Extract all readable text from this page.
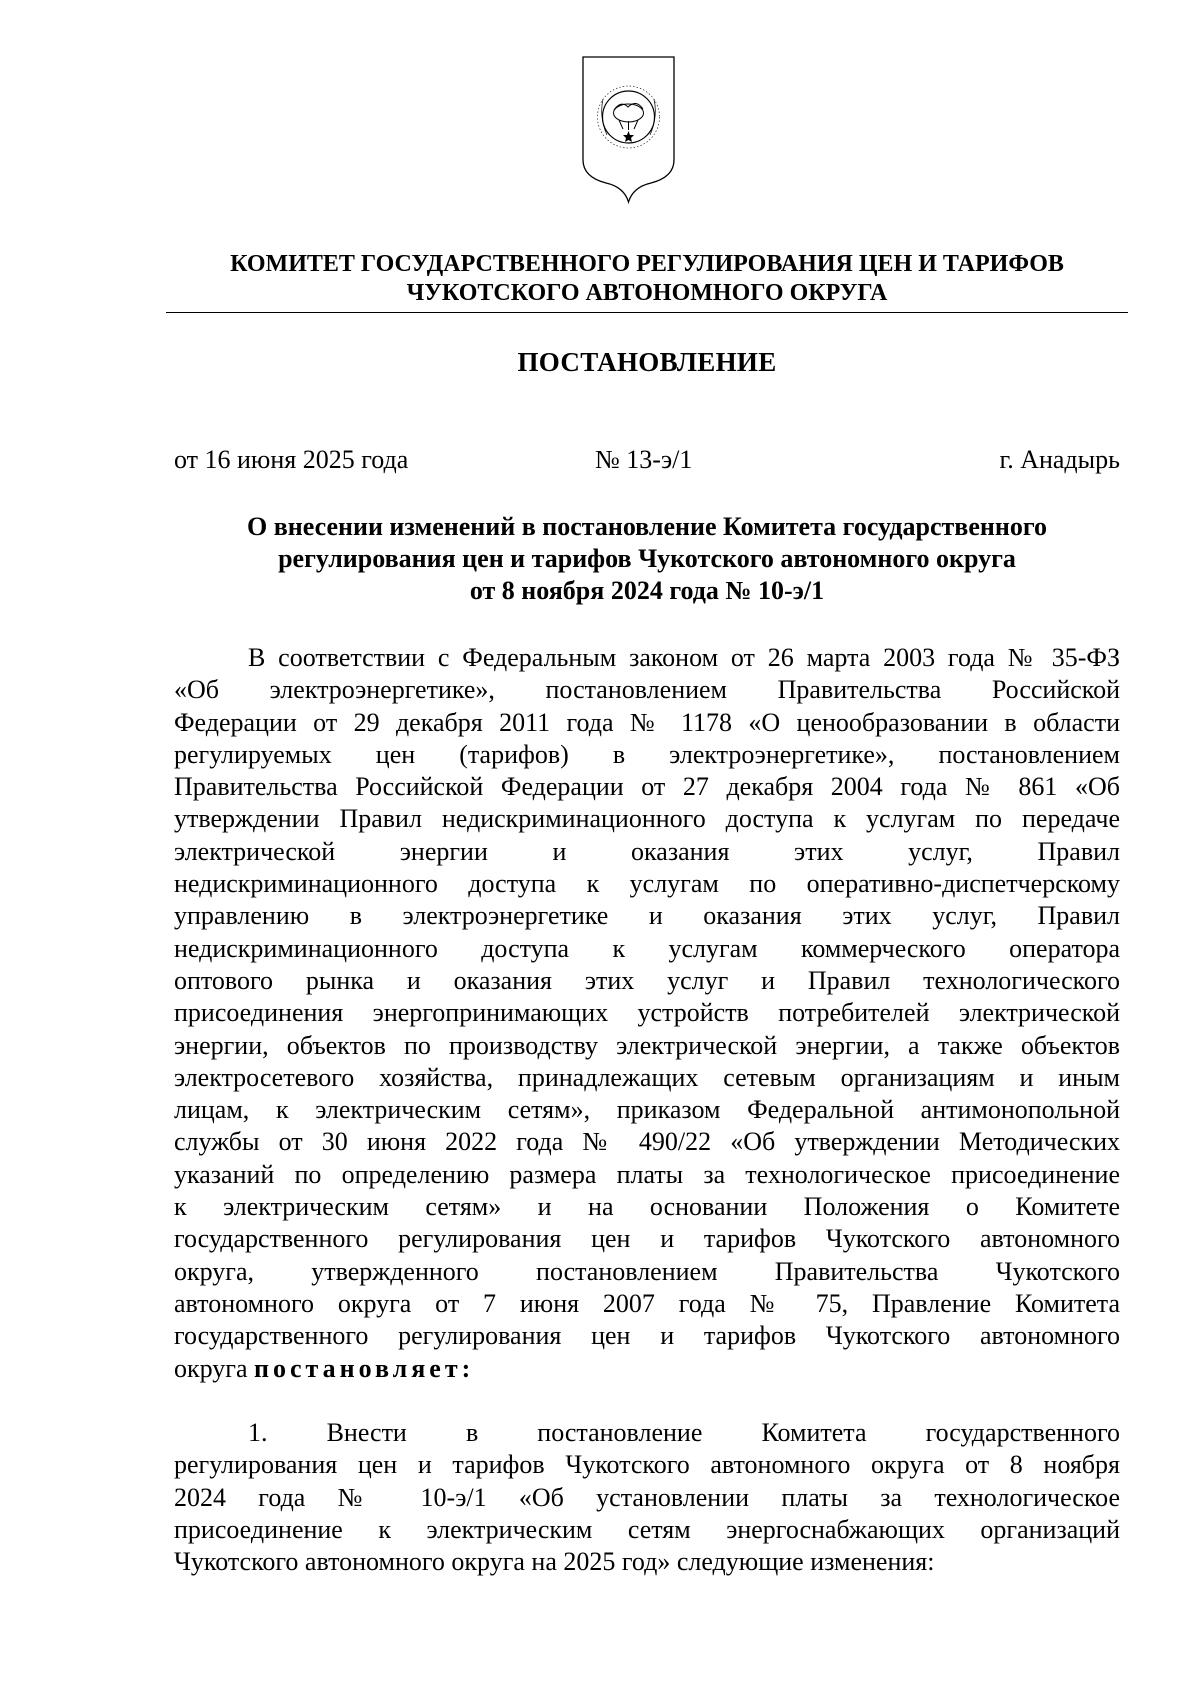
КОМИТЕТ ГОСУДАРСТВЕННОГО РЕГУЛИРОВАНИЯ ЦЕН И ТАРИФОВ
ЧУКОТСКОГО АВТОНОМНОГО ОКРУГА
ПОСТАНОВЛЕНИЕ
от 16 июня 2025 года	№ 13-э/1	г. Анадырь
О внесении изменений в постановление Комитета государственного
регулирования цен и тарифов Чукотского автономного округа
от 8 ноября 2024 года № 10-э/1
В соответствии с Федеральным законом от 26 марта 2003 года № 35-ФЗ
«Об электроэнергетике», постановлением Правительства Российской
Федерации от 29 декабря 2011 года № 1178 «О ценообразовании в области
регулируемых цен (тарифов) в электроэнергетике», постановлением
Правительства Российской Федерации от 27 декабря 2004 года № 861 «Об
утверждении Правил недискриминационного доступа к услугам по передаче
электрической энергии и оказания этих услуг, Правил
недискриминационного доступа к услугам по оперативно-диспетчерскому
управлению в электроэнергетике и оказания этих услуг, Правил
недискриминационного доступа к услугам коммерческого оператора
оптового рынка и оказания этих услуг и Правил технологического
присоединения энергопринимающих устройств потребителей электрической
энергии, объектов по производству электрической энергии, а также объектов
электросетевого хозяйства, принадлежащих сетевым организациям и иным
лицам, к электрическим сетям», приказом Федеральной антимонопольной
службы от 30 июня 2022 года № 490/22 «Об утверждении Методических
указаний по определению размера платы за технологическое присоединение
к электрическим сетям» и на основании Положения о Комитете
государственного регулирования цен и тарифов Чукотского автономного
округа, утвержденного постановлением Правительства Чукотского
автономного округа от 7 июня 2007 года № 75, Правление Комитета
государственного регулирования цен и тарифов Чукотского автономного
округа постановляет:
1. Внести в постановление Комитета государственного
регулирования цен и тарифов Чукотского автономного округа от 8 ноября
2024 года № 10-э/1 «Об установлении платы за технологическое
присоединение к электрическим сетям энергоснабжающих организаций
Чукотского автономного округа на 2025 год» следующие изменения:
